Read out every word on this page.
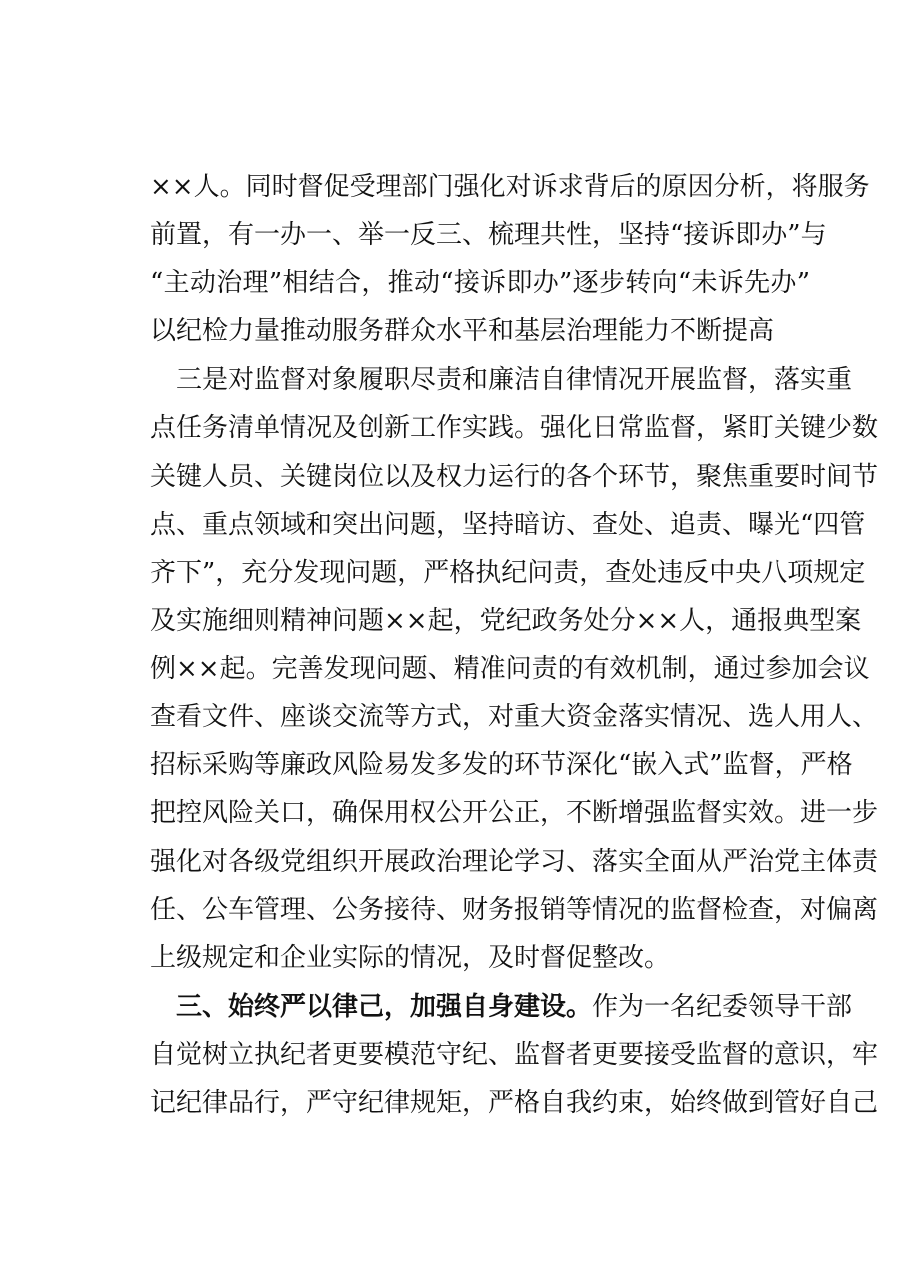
××人。同时督促受理部门强化对诉求背后的原因分析，将服务
前置，有一办一、举一反三、梳理共性，坚持“接诉即办”与
“主动治理”相结合，推动“接诉即办”逐步转向“未诉先办”
以纪检力量推动服务群众水平和基层治理能力不断提高
三是对监督对象履职尽责和廉洁自律情况开展监督，落实重
点任务清单情况及创新工作实践。强化日常监督，紧盯关键少数
关键人员、关键岗位以及权力运行的各个环节，聚焦重要时间节
点、重点领域和突出问题，坚持暗访、查处、追责、曝光“四管
齐下”，充分发现问题，严格执纪问责，查处违反中央八项规定
及实施细则精神问题××起，党纪政务处分××人，通报典型案
例××起。完善发现问题、精准问责的有效机制，通过参加会议
查看文件、座谈交流等方式，对重大资金落实情况、选人用人、
招标采购等廉政风险易发多发的环节深化“嵌入式”监督，严格
把控风险关口，确保用权公开公正，不断增强监督实效。进一步
强化对各级党组织开展政治理论学习、落实全面从严治党主体责
任、公车管理、公务接待、财务报销等情况的监督检查，对偏离
上级规定和企业实际的情况，及时督促整改。
三、始终严以律己，加强自身建设。作为一名纪委领导干部
自觉树立执纪者更要模范守纪、监督者更要接受监督的意识，牢
记纪律品行，严守纪律规矩，严格自我约束，始终做到管好自己
